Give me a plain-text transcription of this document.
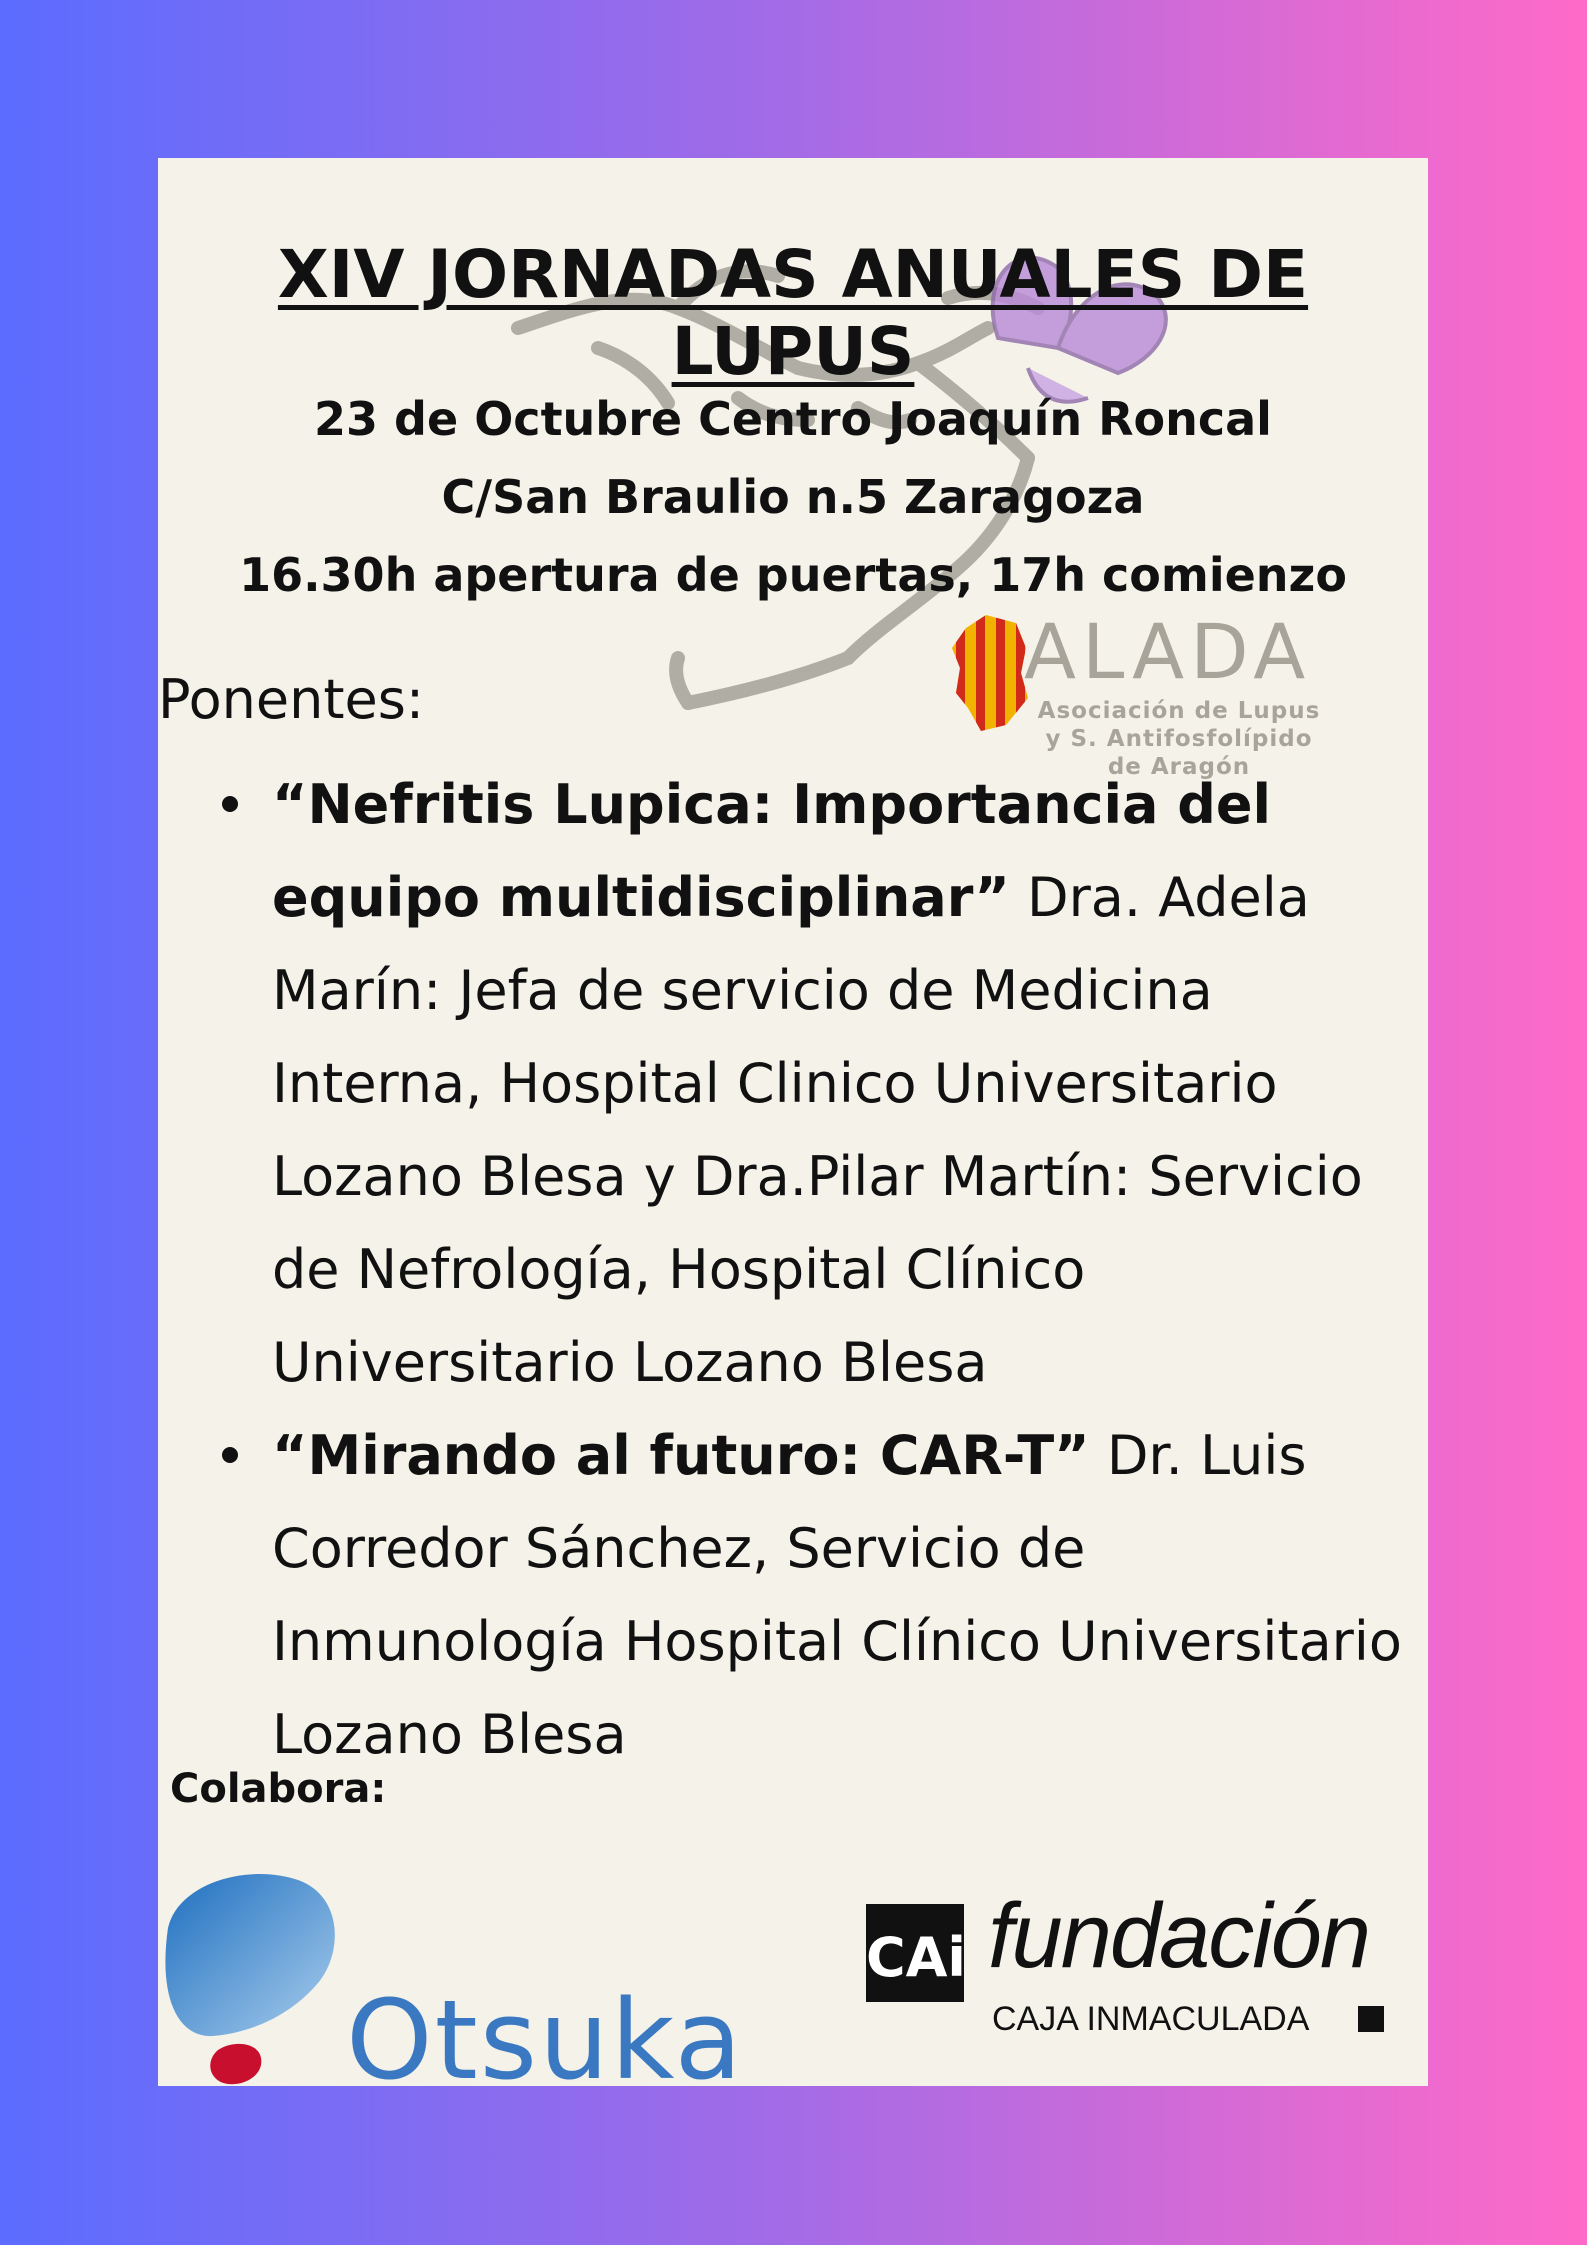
XIV JORNADAS ANUALES DE LUPUS
23 de Octubre Centro Joaquín Roncal
C/San Braulio n.5 Zaragoza
16.30h apertura de puertas, 17h comienzo
ALADA
Asociación de Lupus
y S. Antifosfolípido
de Aragón
Ponentes:
“Nefritis Lupica: Importancia del equipo multidisciplinar” Dra. Adela Marín: Jefa de servicio de Medicina Interna, Hospital Clinico Universitario Lozano Blesa y Dra.Pilar Martín: Servicio de Nefrología, Hospital Clínico Universitario Lozano Blesa
“Mirando al futuro: CAR-T” Dr. Luis Corredor Sánchez, Servicio de Inmunología Hospital Clínico Universitario Lozano Blesa
Colabora:
Otsuka
CAi fundación
CAJA INMACULADA
